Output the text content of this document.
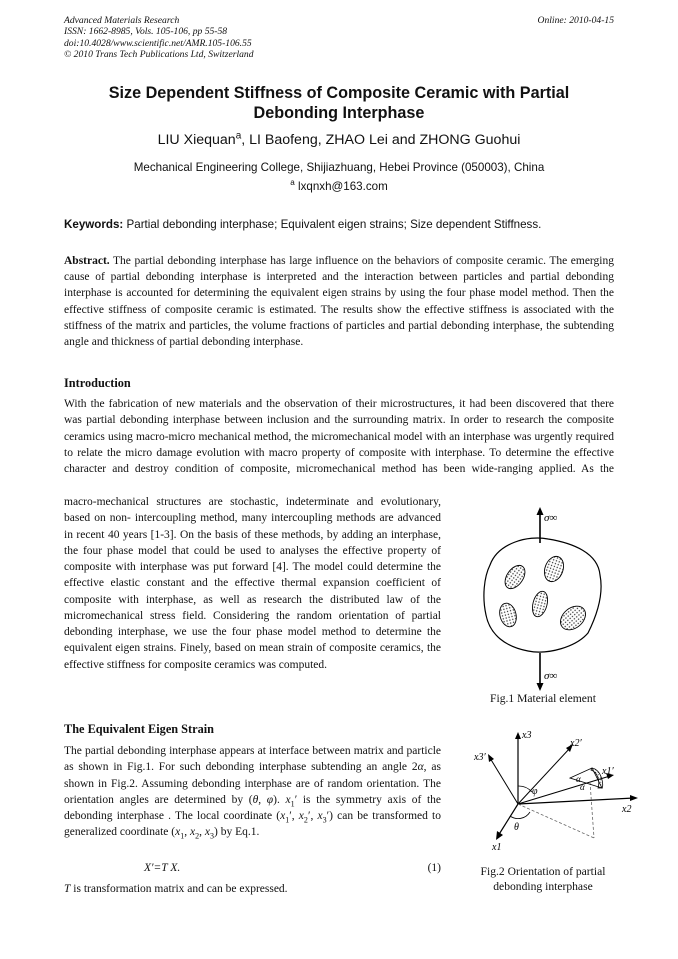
Advanced Materials Research
ISSN: 1662-8985, Vols. 105-106, pp 55-58
doi:10.4028/www.scientific.net/AMR.105-106.55
© 2010 Trans Tech Publications Ltd, Switzerland
Online: 2010-04-15
Size Dependent Stiffness of Composite Ceramic with Partial
Debonding Interphase
LIU Xiequan$^a$, LI Baofeng, ZHAO Lei and ZHONG Guohui
Mechanical Engineering College, Shijiazhuang, Hebei Province (050003), China
$^a$ lxqnxh@163.com
Keywords: Partial debonding interphase; Equivalent eigen strains; Size dependent Stiffness.
Abstract. The partial debonding interphase has large influence on the behaviors of composite ceramic. The emerging cause of partial debonding interphase is interpreted and the interaction between particles and partial debonding interphase is accounted for determining the equivalent eigen strains by using the four phase model method. Then the effective stiffness of composite ceramic is estimated. The results show the effective stiffness is associated with the stiffness of the matrix and particles, the volume fractions of particles and partial debonding interphase, the subtending angle and thickness of partial debonding interphase.
Introduction
With the fabrication of new materials and the observation of their microstructures, it had been discovered that there was partial debonding interphase between inclusion and the surrounding matrix. In order to research the composite ceramics using macro-micro mechanical method, the micromechanical model with an interphase was urgently required to relate the micro damage evolution with macro property of composite with interphase. To determine the effective character and destroy condition of composite, micromechanical method has been wide-ranging applied. As the
macro-mechanical structures are stochastic, indeterminate and evolutionary, based on non- intercoupling method, many intercoupling methods are advanced in recent 40 years [1-3]. On the basis of these methods, by adding an interphase, the four phase model that could be used to analyses the effective property of composite with interphase was put forward [4]. The model could determine the effective elastic constant and the effective thermal expansion coefficient of composite with interphase, as well as research the distributed law of the micromechanical stress field. Considering the random orientation of partial debonding interphase, we use the four phase model method to determine the equivalent eigen strains. Finely, based on mean strain of composite ceramics, the effective stiffness for composite ceramics was computed.
σ∞
σ∞
Fig.1 Material element
The Equivalent Eigen Strain
The partial debonding interphase appears at interface between matrix and particle as shown in Fig.1. For such debonding interphase subtending an angle 2α, as shown in Fig.2. Assuming debonding interphase are of random orientation. The orientation angles are determined by (θ, φ). $x_1'$ is the symmetry axis of the debonding interphase . The local coordinate ($x_1'$, $x_2'$, $x_3'$) can be transformed to generalized coordinate ($x_1$, $x_2$, $x_3$) by Eq.1.
X′=T X.	(1)
T is transformation matrix and can be expressed.
x3
x3′
x2′
x1′
x2
x1
φ
θ
α
α
Fig.2 Orientation of partial
debonding interphase
